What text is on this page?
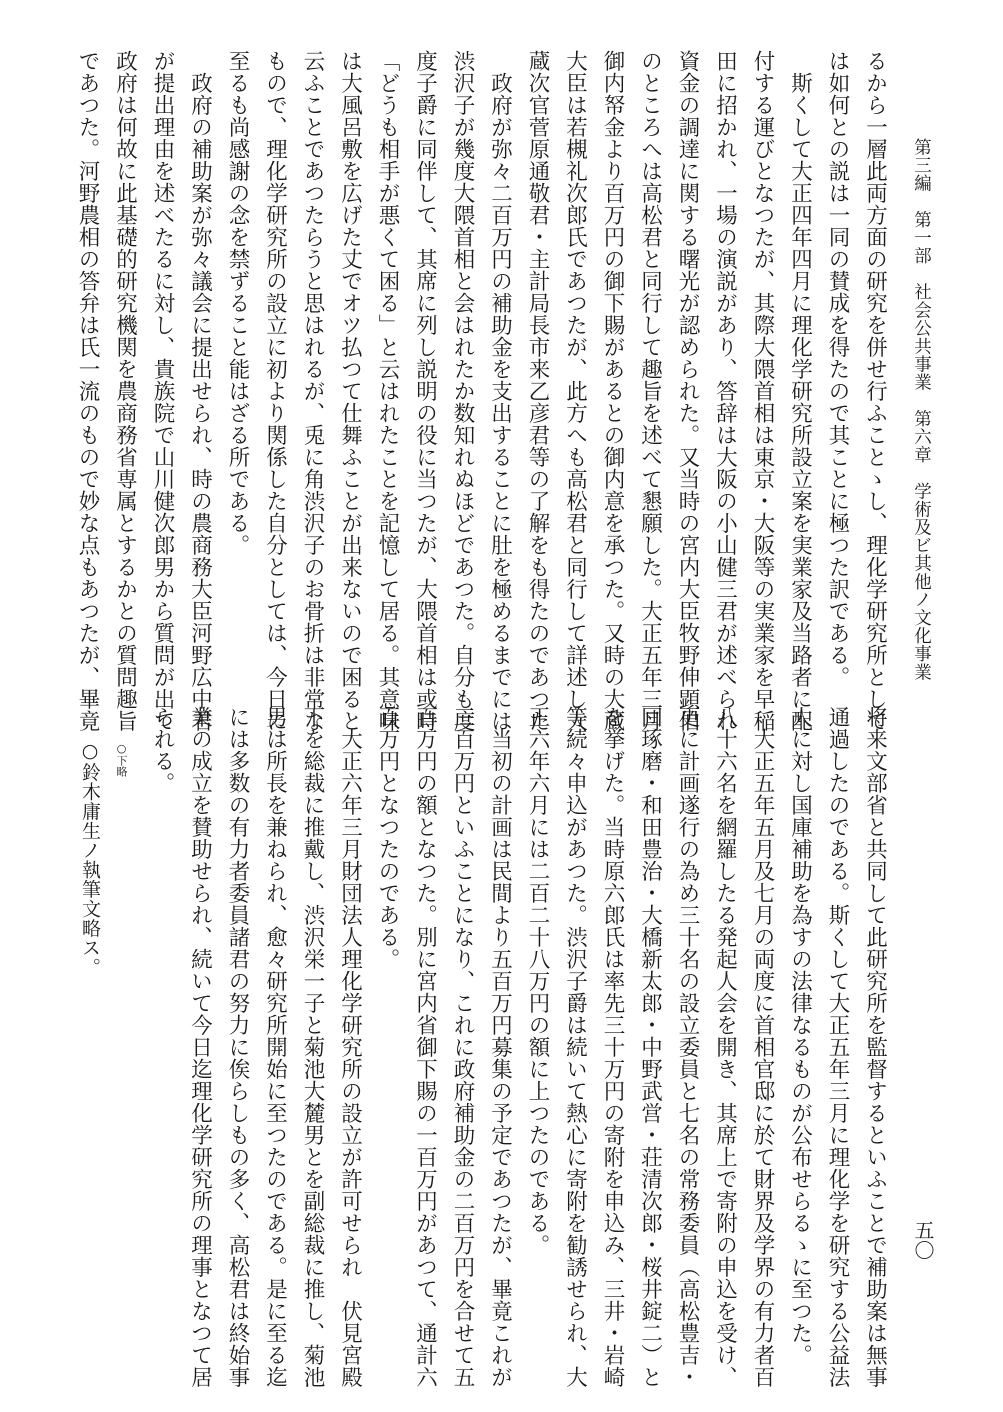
第三編　第一部　社会公共事業　第六章　学術及ビ其他ノ文化事業
五〇
るから一層此両方面の研究を併せ行ふことゝし、理化学研究所として
は如何との説は一同の賛成を得たので其ことに極つた訳である。
　斯くして大正四年四月に理化学研究所設立案を実業家及当路者に配
付する運びとなつたが、其際大隈首相は東京・大阪等の実業家を早稲
田に招かれ、一場の演説があり、答辞は大阪の小山健三君が述べられ
資金の調達に関する曙光が認められた。又当時の宮内大臣牧野伸顕伯
のところへは高松君と同行して趣旨を述べて懇願した。大正五年三月
御内帑金より百万円の御下賜があるとの御内意を承つた。又時の大蔵
大臣は若槻礼次郎氏であつたが、此方へも高松君と同行して詳述し大
蔵次官菅原通敬君・主計局長市来乙彦君等の了解をも得たのであつた
　政府が弥々二百万円の補助金を支出することに肚を極めるまでには
渋沢子が幾度大隈首相と会はれたか数知れぬほどであつた。自分も度
度子爵に同伴して、其席に列し説明の役に当つたが、大隈首相は或時
「どうも相手が悪くて困る」と云はれたことを記憶して居る。其意味
は大風呂敷を広げた丈でオツ払つて仕舞ふことが出来ないので困ると
云ふことであつたらうと思はれるが、兎に角渋沢子のお骨折は非常な
もので、理化学研究所の設立に初より関係した自分としては、今日に
至るも尚感謝の念を禁ずること能はざる所である。
　政府の補助案が弥々議会に提出せられ、時の農商務大臣河野広中君
が提出理由を述べたるに対し、貴族院で山川健次郎男から質問が出て
政府は何故に此基礎的研究機関を農商務省専属とするかとの質問趣旨
であつた。河野農相の答弁は氏一流のもので妙な点もあつたが、畢竟
将来文部省と共同して此研究所を監督するといふことで補助案は無事
通過したのである。斯くして大正五年三月に理化学を研究する公益法
人に対し国庫補助を為すの法律なるものが公布せらるゝに至つた。
　大正五年五月及七月の両度に首相官邸に於て財界及学界の有力者百
八十六名を網羅したる発起人会を開き、其席上で寄附の申込を受け、
更に計画遂行の為め三十名の設立委員と七名の常務委員（高松豊吉・
団琢磨・和田豊治・大橋新太郎・中野武営・荘清次郎・桜井錠二）と
を挙げた。当時原六郎氏は率先三十万円の寄附を申込み、三井・岩崎
等続々申込があつた。渋沢子爵は続いて熱心に寄附を勧誘せられ、大
正六年六月には二百二十八万円の額に上つたのである。
　当初の計画は民間より五百万円募集の予定であつたが、畢竟これが
三百万円といふことになり、これに政府補助金の二百万円を合せて五
百万円の額となつた。別に宮内省御下賜の一百万円があつて、通計六
百万円となつたのである。
　大正六年三月財団法人理化学研究所の設立が許可せられ　伏見宮殿
下を総裁に推戴し、渋沢栄一子と菊池大麓男とを副総裁に推し、菊池
男は所長を兼ねられ、愈々研究所開始に至つたのである。是に至る迄
には多数の有力者委員諸君の努力に俟らしもの多く、高松君は終始事
業の成立を賛助せられ、続いて今日迄理化学研究所の理事となつて居
られる。
○下略
○鈴木庸生ノ執筆文略ス。
